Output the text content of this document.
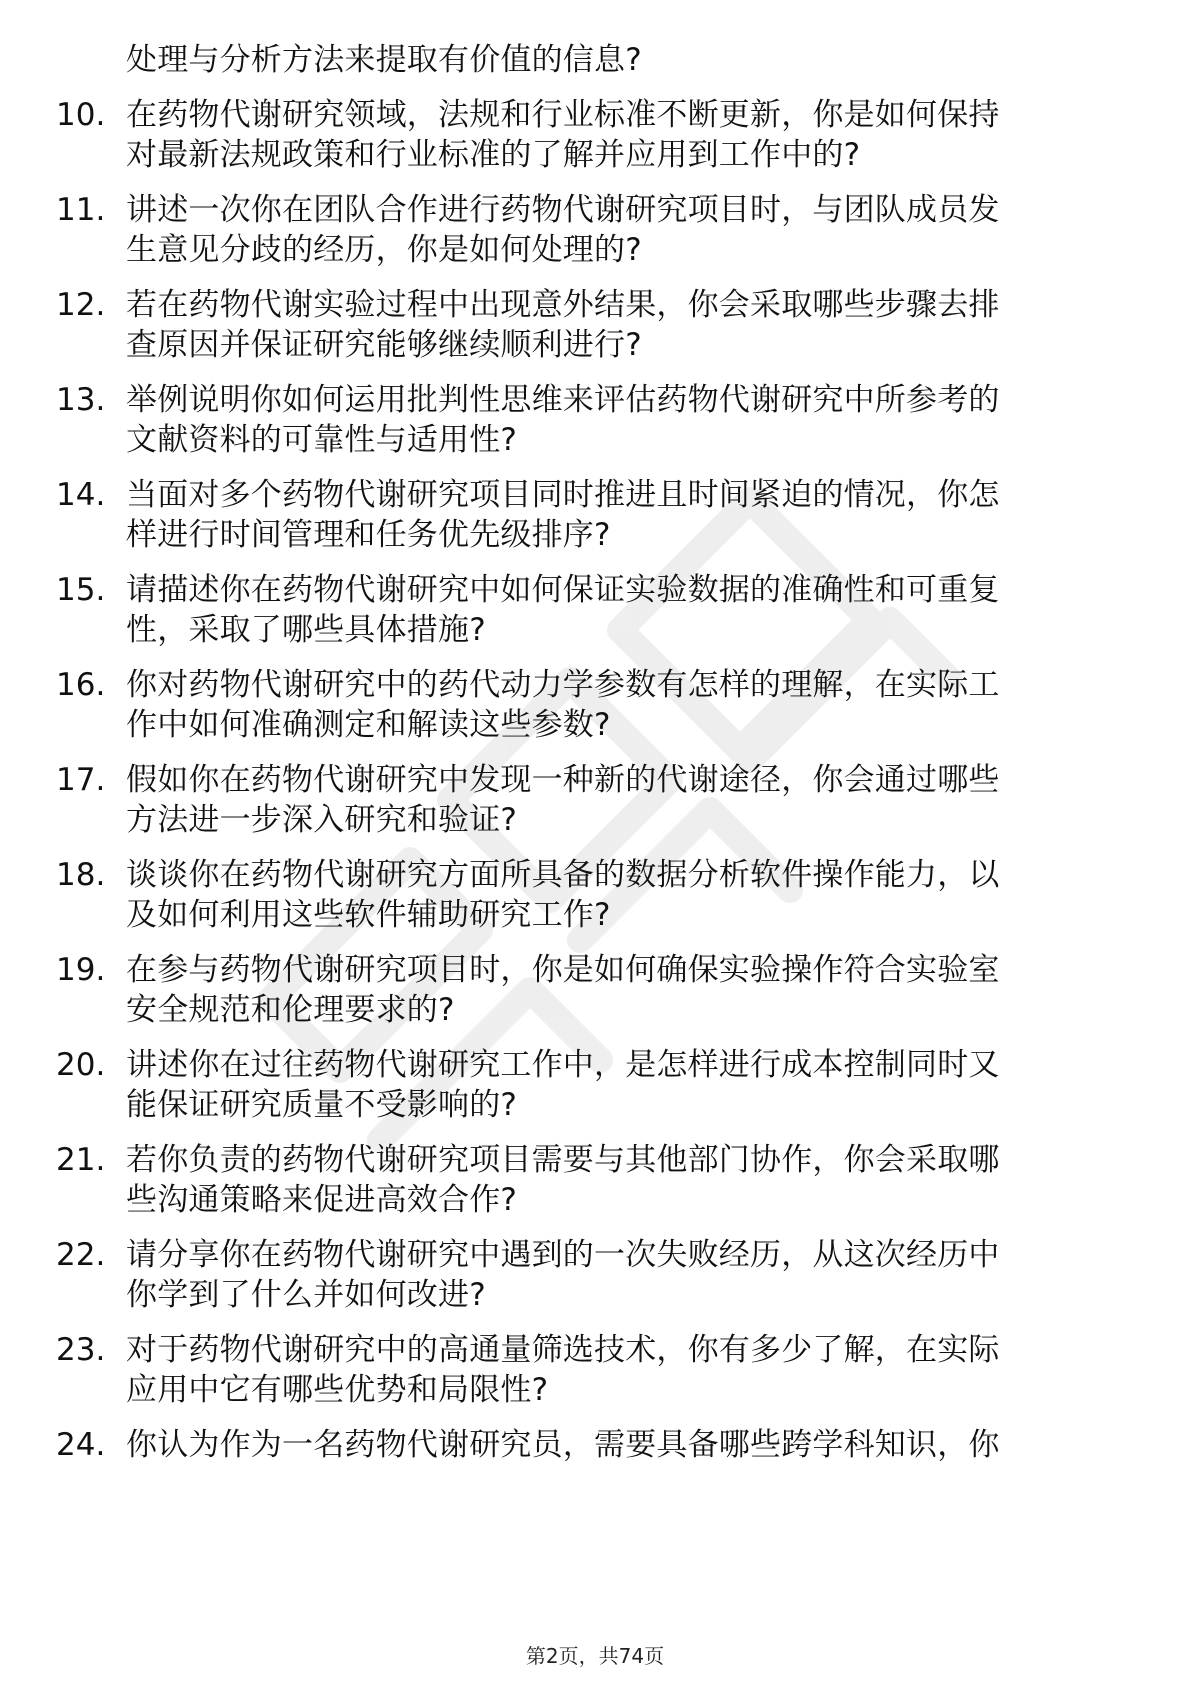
处理与分析方法来提取有价值的信息?
10. 在药物代谢研究领域，法规和行业标准不断更新，你是如何保持
对最新法规政策和行业标准的了解并应用到工作中的?
11. 讲述一次你在团队合作进行药物代谢研究项目时，与团队成员发
生意见分歧的经历，你是如何处理的?
12. 若在药物代谢实验过程中出现意外结果，你会采取哪些步骤去排
查原因并保证研究能够继续顺利进行?
13. 举例说明你如何运用批判性思维来评估药物代谢研究中所参考的
文献资料的可靠性与适用性?
14. 当面对多个药物代谢研究项目同时推进且时间紧迫的情况，你怎
样进行时间管理和任务优先级排序?
15. 请描述你在药物代谢研究中如何保证实验数据的准确性和可重复
性，采取了哪些具体措施?
16. 你对药物代谢研究中的药代动力学参数有怎样的理解，在实际工
作中如何准确测定和解读这些参数?
17. 假如你在药物代谢研究中发现一种新的代谢途径，你会通过哪些
方法进一步深入研究和验证?
18. 谈谈你在药物代谢研究方面所具备的数据分析软件操作能力，以
及如何利用这些软件辅助研究工作?
19. 在参与药物代谢研究项目时，你是如何确保实验操作符合实验室
安全规范和伦理要求的?
20. 讲述你在过往药物代谢研究工作中，是怎样进行成本控制同时又
能保证研究质量不受影响的?
21. 若你负责的药物代谢研究项目需要与其他部门协作，你会采取哪
些沟通策略来促进高效合作?
22. 请分享你在药物代谢研究中遇到的一次失败经历，从这次经历中
你学到了什么并如何改进?
23. 对于药物代谢研究中的高通量筛选技术，你有多少了解，在实际
应用中它有哪些优势和局限性?
24. 你认为作为一名药物代谢研究员，需要具备哪些跨学科知识，你
第2页，共74页
